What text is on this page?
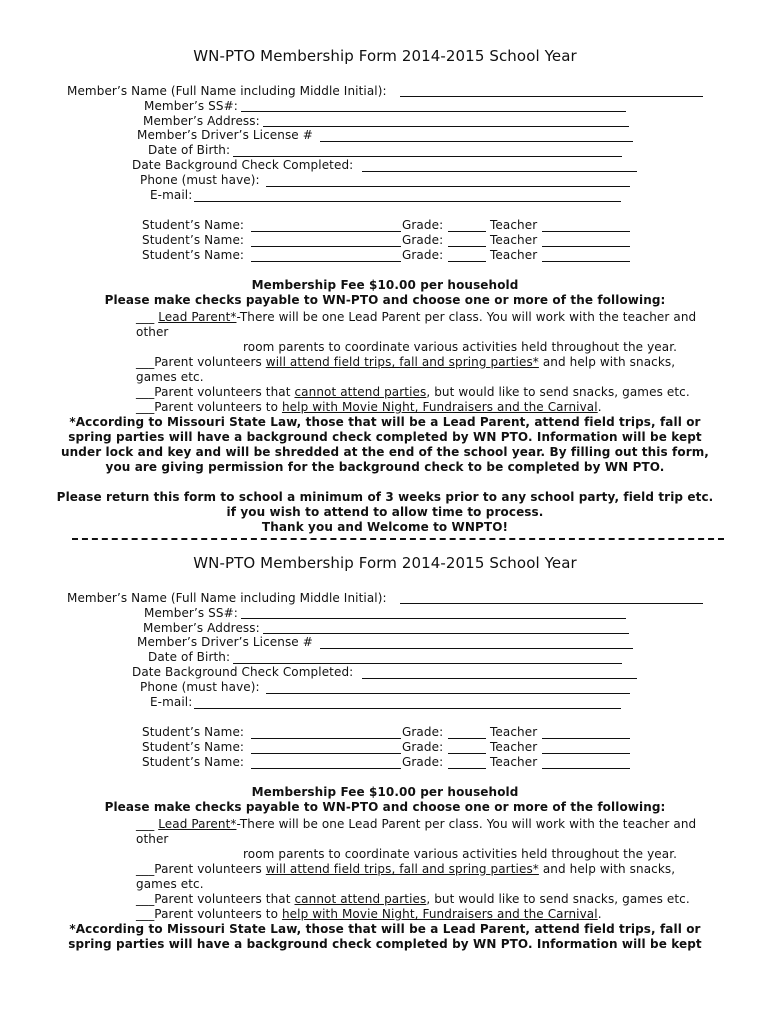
WN-PTO Membership Form 2014-2015 School Year
Member’s Name (Full Name including Middle Initial):
Member’s SS#:
Member’s Address:
Member’s Driver’s License #
Date of Birth:
Date Background Check Completed:
Phone (must have):
E-mail:
Student’s Name:	Grade:	Teacher
Student’s Name:	Grade:	Teacher
Student’s Name:	Grade:	Teacher
Membership Fee $10.00 per household
Please make checks payable to WN-PTO and choose one or more of the following:
___ Lead Parent*-There will be one Lead Parent per class. You will work with the teacher and
other
room parents to coordinate various activities held throughout the year.
___Parent volunteers will attend field trips, fall and spring parties* and help with snacks,
games etc.
___Parent volunteers that cannot attend parties, but would like to send snacks, games etc.
___Parent volunteers to help with Movie Night, Fundraisers and the Carnival.
*According to Missouri State Law, those that will be a Lead Parent, attend field trips, fall or
spring parties will have a background check completed by WN PTO. Information will be kept
under lock and key and will be shredded at the end of the school year. By filling out this form,
you are giving permission for the background check to be completed by WN PTO.
Please return this form to school a minimum of 3 weeks prior to any school party, field trip etc.
if you wish to attend to allow time to process.
Thank you and Welcome to WNPTO!
WN-PTO Membership Form 2014-2015 School Year
Member’s Name (Full Name including Middle Initial):
Member’s SS#:
Member’s Address:
Member’s Driver’s License #
Date of Birth:
Date Background Check Completed:
Phone (must have):
E-mail:
Student’s Name:	Grade:	Teacher
Student’s Name:	Grade:	Teacher
Student’s Name:	Grade:	Teacher
Membership Fee $10.00 per household
Please make checks payable to WN-PTO and choose one or more of the following:
___ Lead Parent*-There will be one Lead Parent per class. You will work with the teacher and
other
room parents to coordinate various activities held throughout the year.
___Parent volunteers will attend field trips, fall and spring parties* and help with snacks,
games etc.
___Parent volunteers that cannot attend parties, but would like to send snacks, games etc.
___Parent volunteers to help with Movie Night, Fundraisers and the Carnival.
*According to Missouri State Law, those that will be a Lead Parent, attend field trips, fall or
spring parties will have a background check completed by WN PTO. Information will be kept
